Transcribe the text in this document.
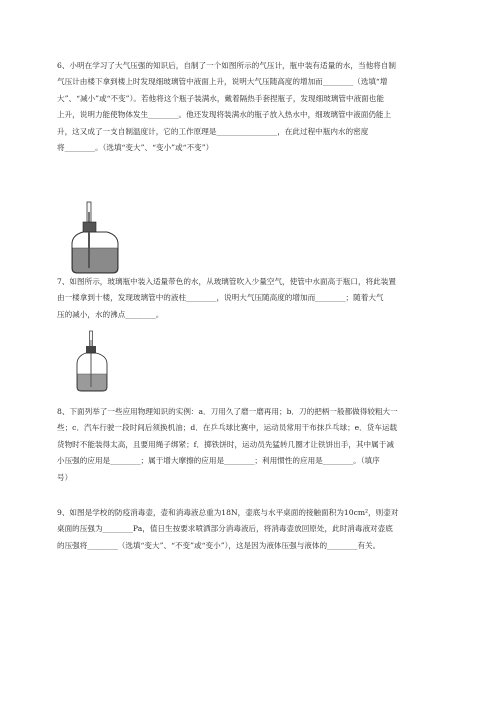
6、小明在学习了大气压强的知识后，自制了一个如图所示的气压计，瓶中装有适量的水，当他将自制

气压计由楼下拿到楼上时发现细玻璃管中液面上升，说明大气压随高度的增加而________（选填“增

大”、“减小”或“不变”）。若他将这个瓶子装满水，戴着隔热手套捏瓶子，发现细玻璃管中液面也能

上升，说明力能使物体发生________。他还发现将装满水的瓶子放入热水中，细玻璃管中液面仍能上

升，这又成了一支自制温度计，它的工作原理是________________，在此过程中瓶内水的密度

将________。（选填“变大”、“变小”或“不变”）

7、如图所示，玻璃瓶中装入适量带色的水，从玻璃管吹入少量空气，使管中水面高于瓶口，将此装置

由一楼拿到十楼，发现玻璃管中的液柱________，说明大气压随高度的增加而________；随着大气

压的减小，水的沸点________。

8、下面列举了一些应用物理知识的实例：a．刀用久了磨一磨再用；b．刀的把柄一般都做得较粗大一

些；c．汽车行驶一段时间后须换机油；d．在乒乓球比赛中，运动员常用干布抹乒乓球；e．货车运载

货物时不能装得太高，且要用绳子绑紧；f．掷铁饼时，运动员先猛转几圈才让铁饼出手，其中属于减

小压强的应用是________；属于增大摩擦的应用是________；利用惯性的应用是________。（填序

号）

9、如图是学校的防疫消毒壶，壶和消毒液总重为18N，壶底与水平桌面的接触面积为10cm²，则壶对

桌面的压强为________Pa，值日生按要求喷洒部分消毒液后，将消毒壶放回原处，此时消毒液对壶底

的压强将________（选填“变大”、“不变”或“变小”），这是因为液体压强与液体的________有关。
